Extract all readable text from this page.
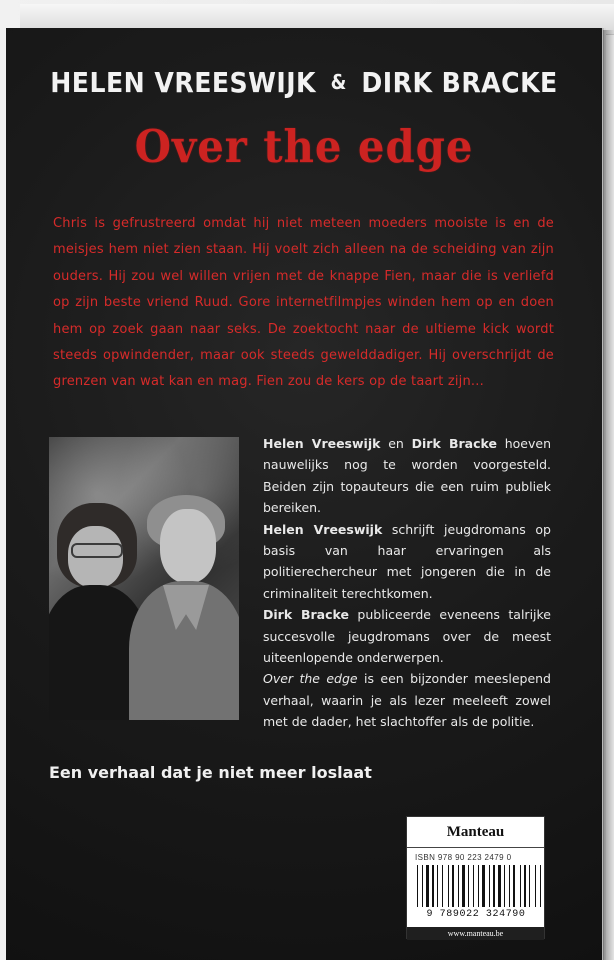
HELEN VREESWIJK & DIRK BRACKE
Over the edge
Chris is gefrustreerd omdat hij niet meteen moeders mooiste is en de meisjes hem niet zien staan. Hij voelt zich alleen na de scheiding van zijn ouders. Hij zou wel willen vrijen met de knappe Fien, maar die is verliefd op zijn beste vriend Ruud. Gore internetfilmpjes winden hem op en doen hem op zoek gaan naar seks. De zoektocht naar de ultieme kick wordt steeds opwindender, maar ook steeds gewelddadiger. Hij overschrijdt de grenzen van wat kan en mag. Fien zou de kers op de taart zijn...

Helen Vreeswijk en Dirk Bracke hoeven nauwelijks nog te worden voorgesteld. Beiden zijn topauteurs die een ruim publiek bereiken.

Helen Vreeswijk schrijft jeugdromans op basis van haar ervaringen als politierechercheur met jongeren die in de criminaliteit terechtkomen.

Dirk Bracke publiceerde eveneens talrijke succesvolle jeugdromans over de meest uiteenlopende onderwerpen.

Over the edge is een bijzonder meeslepend verhaal, waarin je als lezer meeleeft zowel met de dader, het slachtoffer als de politie.

Een verhaal dat je niet meer loslaat
Manteau
ISBN 978 90 223 2479 0
9 789022 324790
www.manteau.be
